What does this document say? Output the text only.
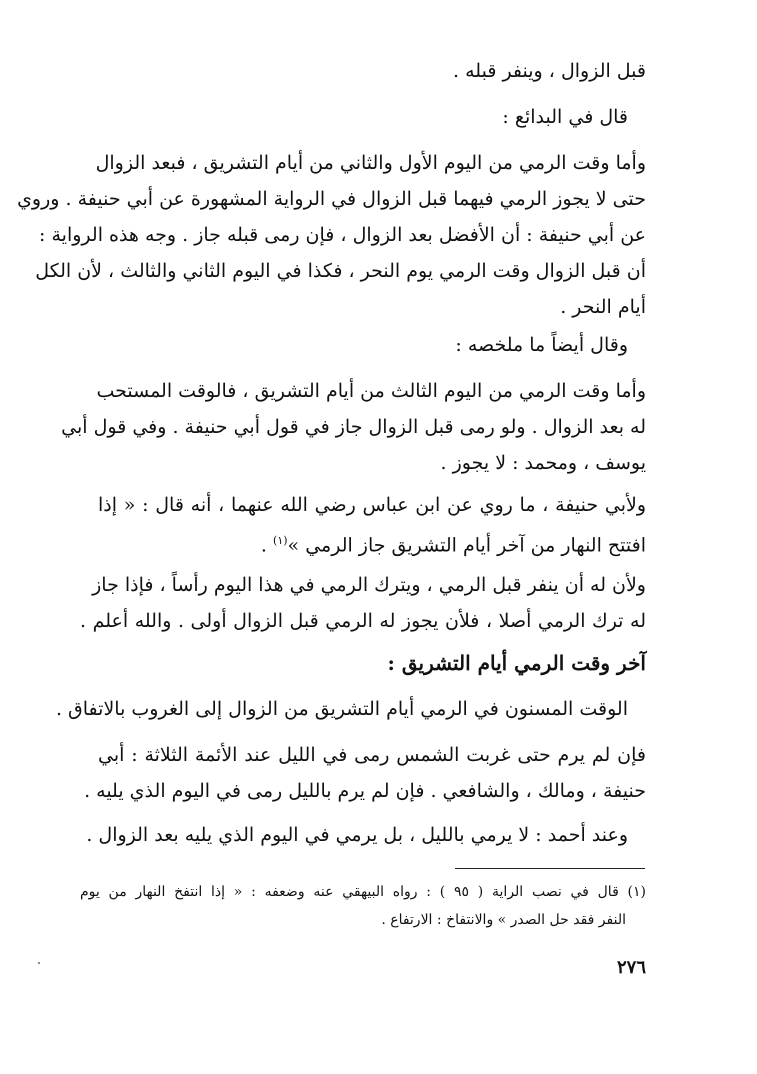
قبل الزوال ، وينفر قبله .
قال في البدائع :
وأما وقت الرمي من اليوم الأول والثاني من أيام التشريق ، فبعد الزوال
حتى لا يجوز الرمي فيهما قبل الزوال في الرواية المشهورة عن أبي حنيفة . وروي
عن أبي حنيفة : أن الأفضل بعد الزوال ، فإن رمى قبله جاز . وجه هذه الرواية :
أن قبل الزوال وقت الرمي يوم النحر ، فكذا في اليوم الثاني والثالث ، لأن الكل
أيام النحر .
وقال أيضاً ما ملخصه :
وأما وقت الرمي من اليوم الثالث من أيام التشريق ، فالوقت المستحب
له بعد الزوال . ولو رمى قبل الزوال جاز في قول أبي حنيفة . وفي قول أبي
يوسف ، ومحمد : لا يجوز .
ولأبي حنيفة ، ما روي عن ابن عباس رضي الله عنهما ، أنه قال : « إذا
افتتح النهار من آخر أيام التشريق جاز الرمي »$^{(١)}$ .
ولأن له أن ينفر قبل الرمي ، ويترك الرمي في هذا اليوم رأساً ، فإذا جاز
له ترك الرمي أصلا ، فلأن يجوز له الرمي قبل الزوال أولى . والله أعلم .
آخر وقت الرمي أيام التشريق :
الوقت المسنون في الرمي أيام التشريق من الزوال إلى الغروب بالاتفاق .
فإن لم يرم حتى غربت الشمس رمى في الليل عند الأئمة الثلاثة : أبي
حنيفة ، ومالك ، والشافعي . فإن لم يرم بالليل رمى في اليوم الذي يليه .
وعند أحمد : لا يرمي بالليل ، بل يرمي في اليوم الذي يليه بعد الزوال .
(١) قال في نصب الراية ( ٩٥ ) : رواه البيهقي عنه وضعفه : « إذا انتفخ النهار من يوم
النفر فقد حل الصدر » والانتفاخ : الارتفاع .
٢٧٦
